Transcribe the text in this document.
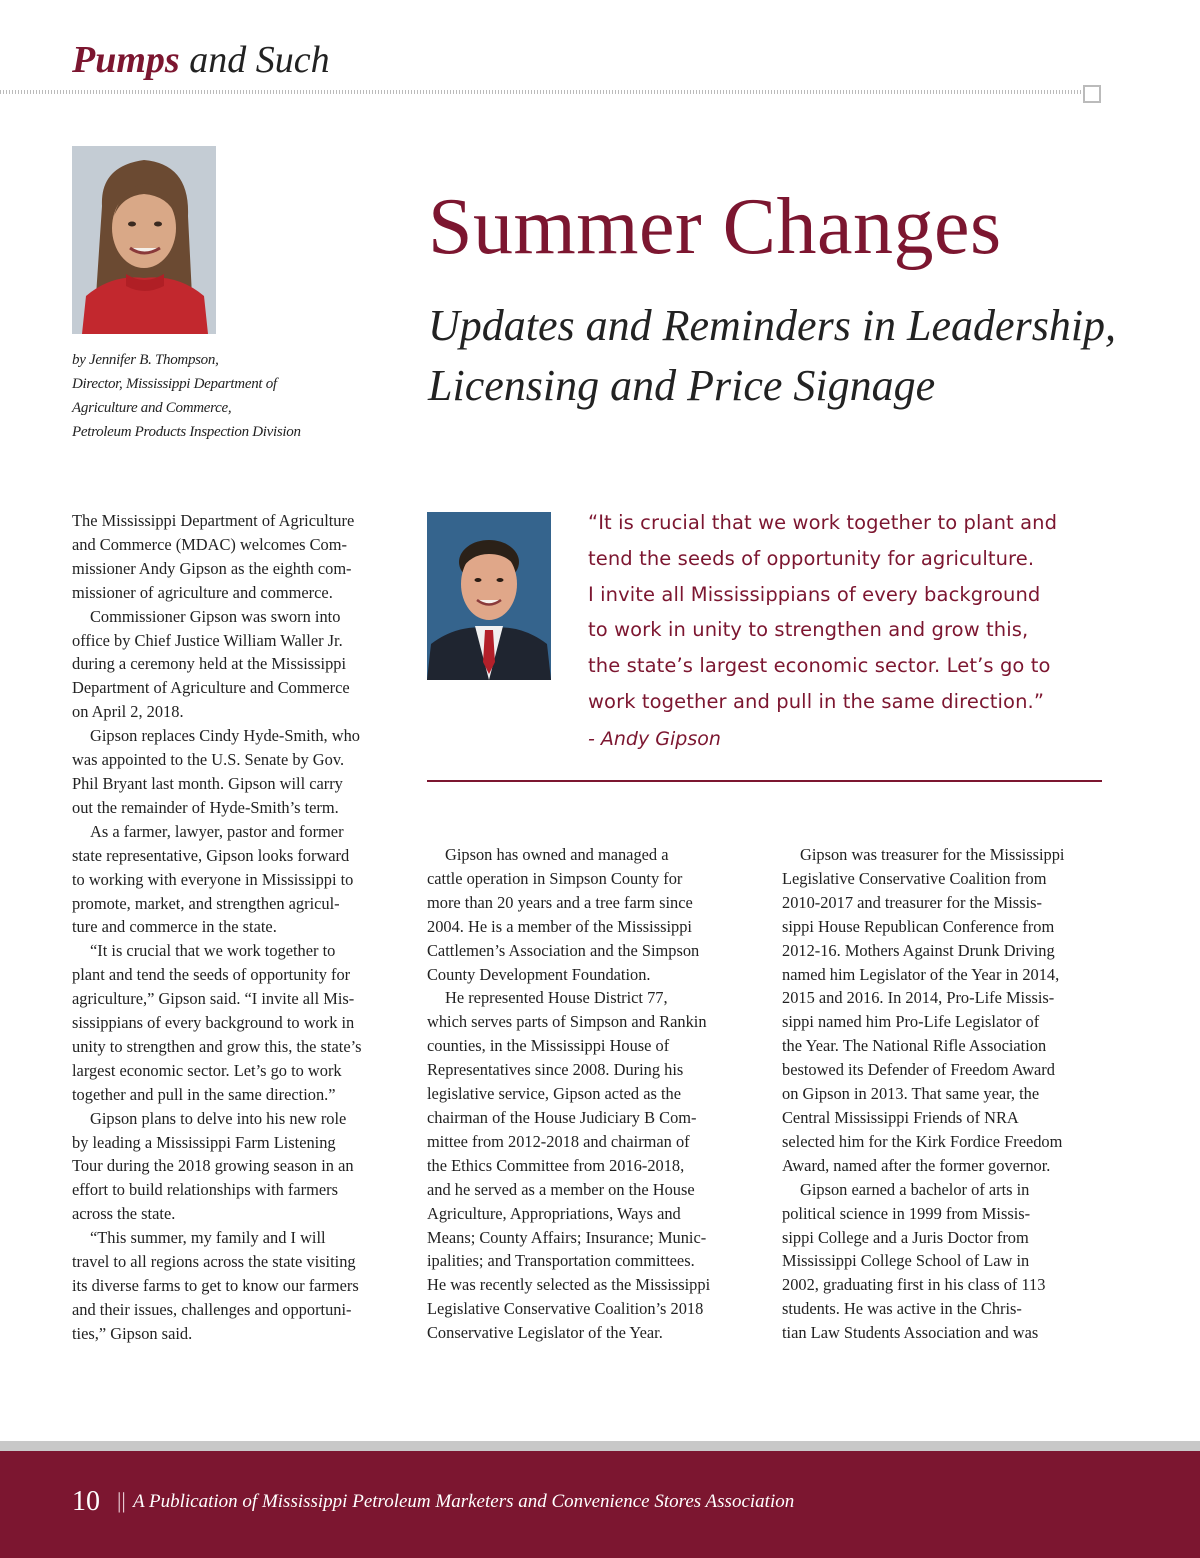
Pumps and Such
by Jennifer B. Thompson,
Director, Mississippi Department of
Agriculture and Commerce,
Petroleum Products Inspection Division
Summer Changes
Updates and Reminders in Leadership,
Licensing and Price Signage
“It is crucial that we work together to plant and
tend the seeds of opportunity for agriculture.
I invite all Mississippians of every background
to work in unity to strengthen and grow this,
the state’s largest economic sector. Let’s go to
work together and pull in the same direction.”
- Andy Gipson
The Mississippi Department of Agriculture
and Commerce (MDAC) welcomes Com-
missioner Andy Gipson as the eighth com-
missioner of agriculture and commerce.
Commissioner Gipson was sworn into
office by Chief Justice William Waller Jr.
during a ceremony held at the Mississippi
Department of Agriculture and Commerce
on April 2, 2018.
Gipson replaces Cindy Hyde-Smith, who
was appointed to the U.S. Senate by Gov.
Phil Bryant last month. Gipson will carry
out the remainder of Hyde-Smith’s term.
As a farmer, lawyer, pastor and former
state representative, Gipson looks forward
to working with everyone in Mississippi to
promote, market, and strengthen agricul-
ture and commerce in the state.
“It is crucial that we work together to
plant and tend the seeds of opportunity for
agriculture,” Gipson said. “I invite all Mis-
sissippians of every background to work in
unity to strengthen and grow this, the state’s
largest economic sector. Let’s go to work
together and pull in the same direction.”
Gipson plans to delve into his new role
by leading a Mississippi Farm Listening
Tour during the 2018 growing season in an
effort to build relationships with farmers
across the state.
“This summer, my family and I will
travel to all regions across the state visiting
its diverse farms to get to know our farmers
and their issues, challenges and opportuni-
ties,” Gipson said.
Gipson has owned and managed a
cattle operation in Simpson County for
more than 20 years and a tree farm since
2004. He is a member of the Mississippi
Cattlemen’s Association and the Simpson
County Development Foundation.
He represented House District 77,
which serves parts of Simpson and Rankin
counties, in the Mississippi House of
Representatives since 2008. During his
legislative service, Gipson acted as the
chairman of the House Judiciary B Com-
mittee from 2012-2018 and chairman of
the Ethics Committee from 2016-2018,
and he served as a member on the House
Agriculture, Appropriations, Ways and
Means; County Affairs; Insurance; Munic-
ipalities; and Transportation committees.
He was recently selected as the Mississippi
Legislative Conservative Coalition’s 2018
Conservative Legislator of the Year.
Gipson was treasurer for the Mississippi
Legislative Conservative Coalition from
2010-2017 and treasurer for the Missis-
sippi House Republican Conference from
2012-16. Mothers Against Drunk Driving
named him Legislator of the Year in 2014,
2015 and 2016. In 2014, Pro-Life Missis-
sippi named him Pro-Life Legislator of
the Year. The National Rifle Association
bestowed its Defender of Freedom Award
on Gipson in 2013. That same year, the
Central Mississippi Friends of NRA
selected him for the Kirk Fordice Freedom
Award, named after the former governor.
Gipson earned a bachelor of arts in
political science in 1999 from Missis-
sippi College and a Juris Doctor from
Mississippi College School of Law in
2002, graduating first in his class of 113
students. He was active in the Chris-
tian Law Students Association and was
10 || A Publication of Mississippi Petroleum Marketers and Convenience Stores Association
